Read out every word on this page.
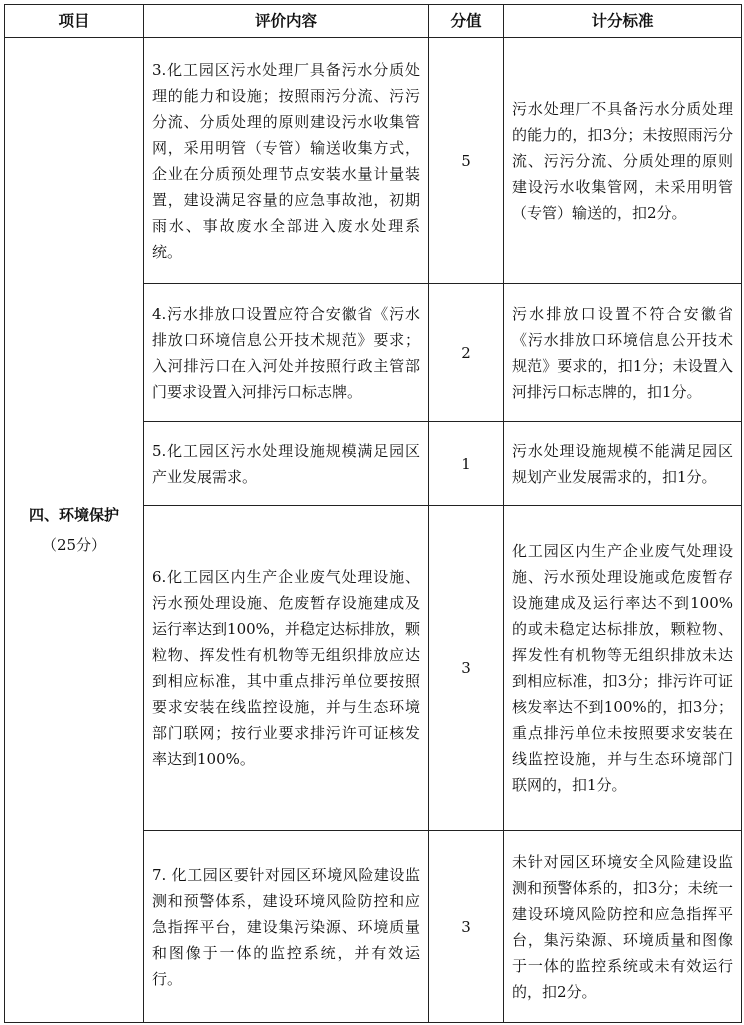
项目	评价内容	分值	计分标准

四、环境保护
（25分）	3.化工园区污水处理厂具备污水分质处理的能力和设施；按照雨污分流、污污分流、分质处理的原则建设污水收集管网，采用明管（专管）输送收集方式，企业在分质预处理节点安装水量计量装置，建设满足容量的应急事故池，初期雨水、事故废水全部进入废水处理系统。	5	污水处理厂不具备污水分质处理的能力的，扣3分；未按照雨污分流、污污分流、分质处理的原则建设污水收集管网，未采用明管（专管）输送的，扣2分。
	4.污水排放口设置应符合安徽省《污水排放口环境信息公开技术规范》要求；入河排污口在入河处并按照行政主管部门要求设置入河排污口标志牌。	2	污水排放口设置不符合安徽省《污水排放口环境信息公开技术规范》要求的，扣1分；未设置入河排污口标志牌的，扣1分。
	5.化工园区污水处理设施规模满足园区产业发展需求。	1	污水处理设施规模不能满足园区规划产业发展需求的，扣1分。
	6.化工园区内生产企业废气处理设施、污水预处理设施、危废暂存设施建成及运行率达到100%，并稳定达标排放，颗粒物、挥发性有机物等无组织排放应达到相应标准，其中重点排污单位要按照要求安装在线监控设施，并与生态环境部门联网；按行业要求排污许可证核发率达到100%。	3	化工园区内生产企业废气处理设施、污水预处理设施或危废暂存设施建成及运行率达不到100%的或未稳定达标排放，颗粒物、挥发性有机物等无组织排放未达到相应标准，扣3分；排污许可证核发率达不到100%的，扣3分；重点排污单位未按照要求安装在线监控设施，并与生态环境部门联网的，扣1分。
	7. 化工园区要针对园区环境风险建设监测和预警体系，建设环境风险防控和应急指挥平台，建设集污染源、环境质量和图像于一体的监控系统，并有效运行。	3	未针对园区环境安全风险建设监测和预警体系的，扣3分；未统一建设环境风险防控和应急指挥平台，集污染源、环境质量和图像于一体的监控系统或未有效运行的，扣2分。
